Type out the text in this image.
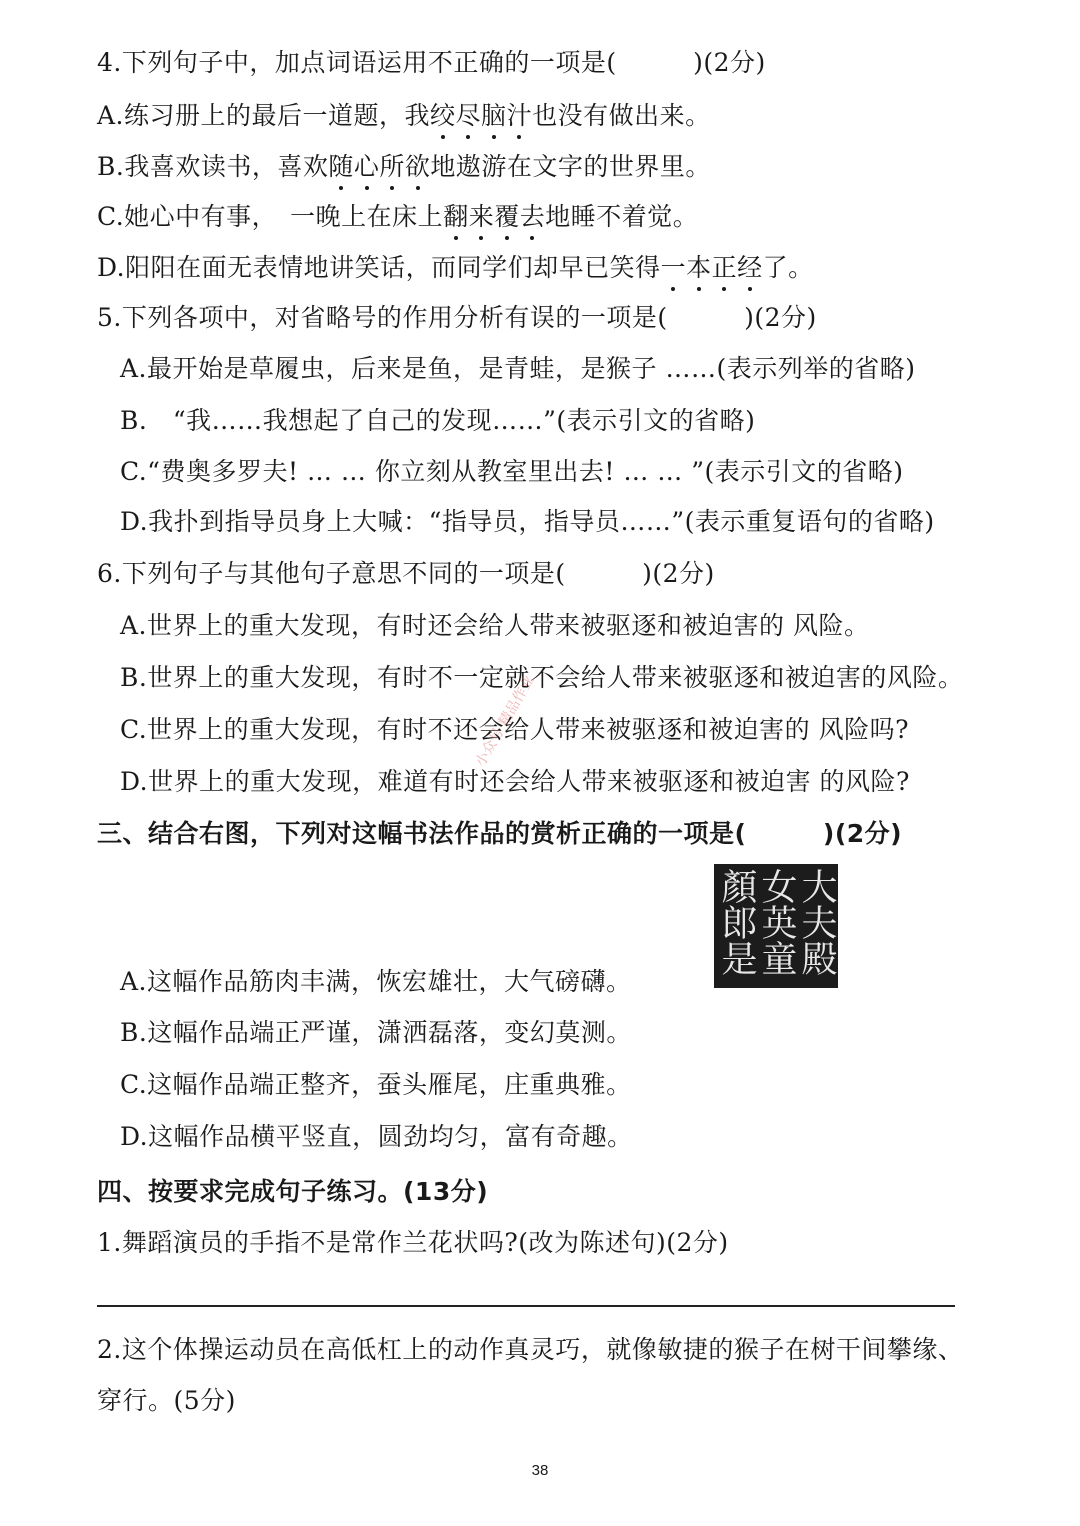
4.下列句子中，加点词语运用不正确的一项是(　　　)(2分)
A.练习册上的最后一道题，我绞尽脑汁也没有做出来。
B.我喜欢读书，喜欢随心所欲地遨游在文字的世界里。
C.她心中有事，　一晚上在床上翻来覆去地睡不着觉。
D.阳阳在面无表情地讲笑话，而同学们却早已笑得一本正经了。
5.下列各项中，对省略号的作用分析有误的一项是(　　　)(2分)
A.最开始是草履虫，后来是鱼，是青蛙，是猴子 ……(表示列举的省略)
B.　“我……我想起了自己的发现……”(表示引文的省略)
C.“费奥多罗夫! … … 你立刻从教室里出去! … … ”(表示引文的省略)
D.我扑到指导员身上大喊：“指导员，指导员……”(表示重复语句的省略)
6.下列句子与其他句子意思不同的一项是(　　　)(2分)
A.世界上的重大发现，有时还会给人带来被驱逐和被迫害的 风险。
B.世界上的重大发现，有时不一定就不会给人带来被驱逐和被迫害的风险。
C.世界上的重大发现，有时不还会给人带来被驱逐和被迫害的 风险吗?
D.世界上的重大发现，难道有时还会给人带来被驱逐和被迫害 的风险?
三、结合右图，下列对这幅书法作品的赏析正确的一项是(　　　)(2分)
大夫殿
女英童
顏郎是
A.这幅作品筋肉丰满，恢宏雄壮，大气磅礴。
B.这幅作品端正严谨，潇洒磊落，变幻莫测。
C.这幅作品端正整齐，蚕头雁尾，庄重典雅。
D.这幅作品横平竖直，圆劲均匀，富有奇趣。
四、按要求完成句子练习。(13分)
1.舞蹈演员的手指不是常作兰花状吗?(改为陈述句)(2分)
2.这个体操运动员在高低杠上的动作真灵巧，就像敏捷的猴子在树干间攀缘、
穿行。(5分)
小众号 精品作业
38
